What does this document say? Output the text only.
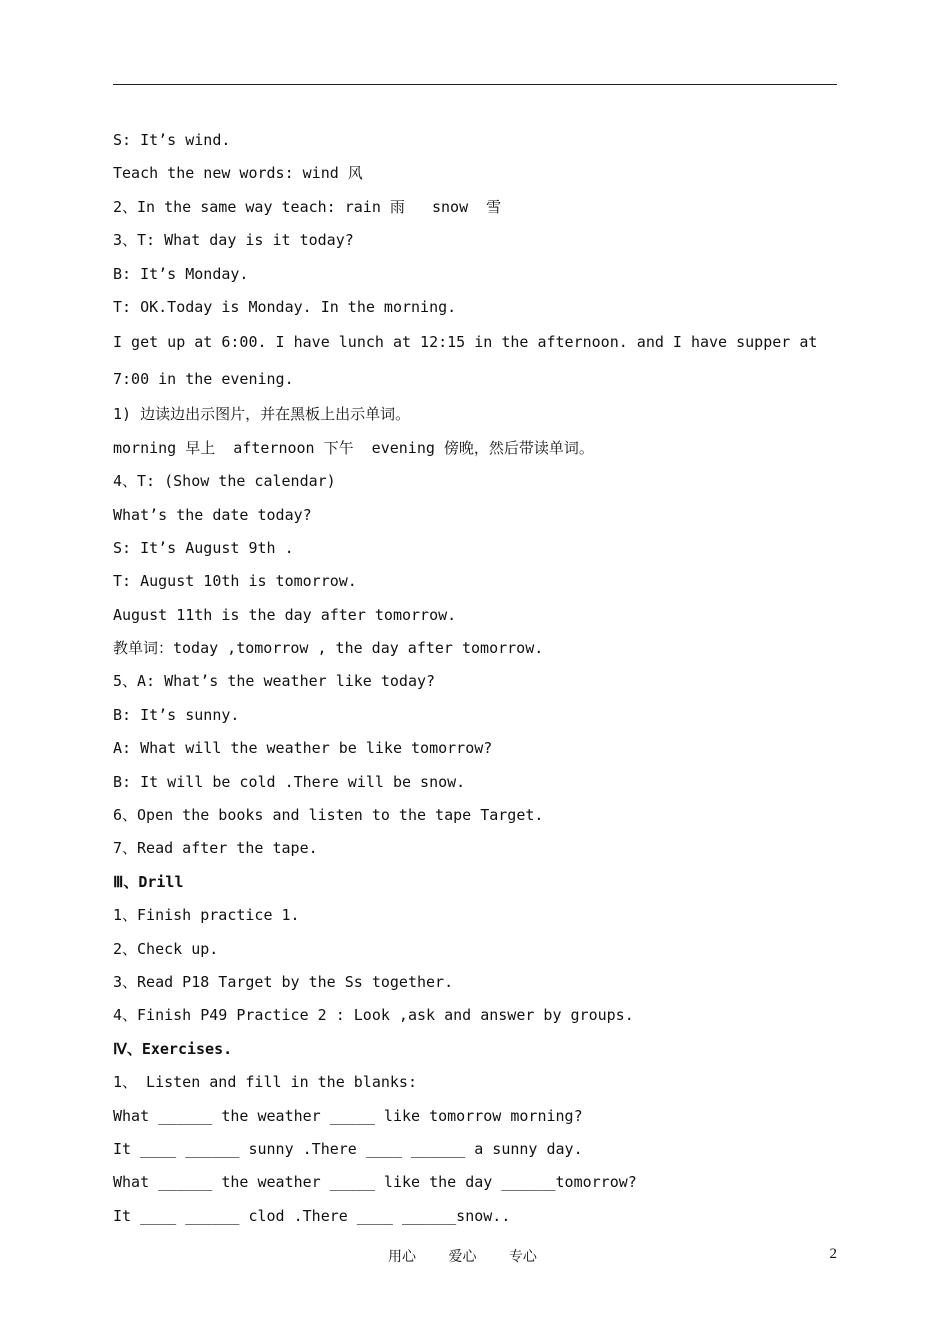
S: It’s wind.

Teach the new words: wind 风

2、In the same way teach: rain 雨   snow  雪

3、T: What day is it today?

B: It’s Monday.

T: OK.Today is Monday. In the morning.

I get up at 6:00. I have lunch at 12:15 in the afternoon. and I have supper at 7:00 in the evening.

1) 边读边出示图片，并在黑板上出示单词。

morning 早上  afternoon 下午  evening 傍晚，然后带读单词。

4、T: (Show the calendar)

What’s the date today?

S: It’s August 9th .

T: August 10th is tomorrow.

August 11th is the day after tomorrow.

教单词：today ,tomorrow , the day after tomorrow.

5、A: What’s the weather like today?

B: It’s sunny.

A: What will the weather be like tomorrow?

B: It will be cold .There will be snow.

6、Open the books and listen to the tape Target.

7、Read after the tape.

Ⅲ、Drill

1、Finish practice 1.

2、Check up.

3、Read P18 Target by the Ss together.

4、Finish P49 Practice 2 : Look ,ask and answer by groups.

Ⅳ、Exercises.

1、 Listen and fill in the blanks:

What ______ the weather _____ like tomorrow morning?

It ____ ______ sunny .There ____ ______ a sunny day.

What ______ the weather _____ like the day ______tomorrow?

It ____ ______ clod .There ____ ______snow..

用心 爱心 专心	2
